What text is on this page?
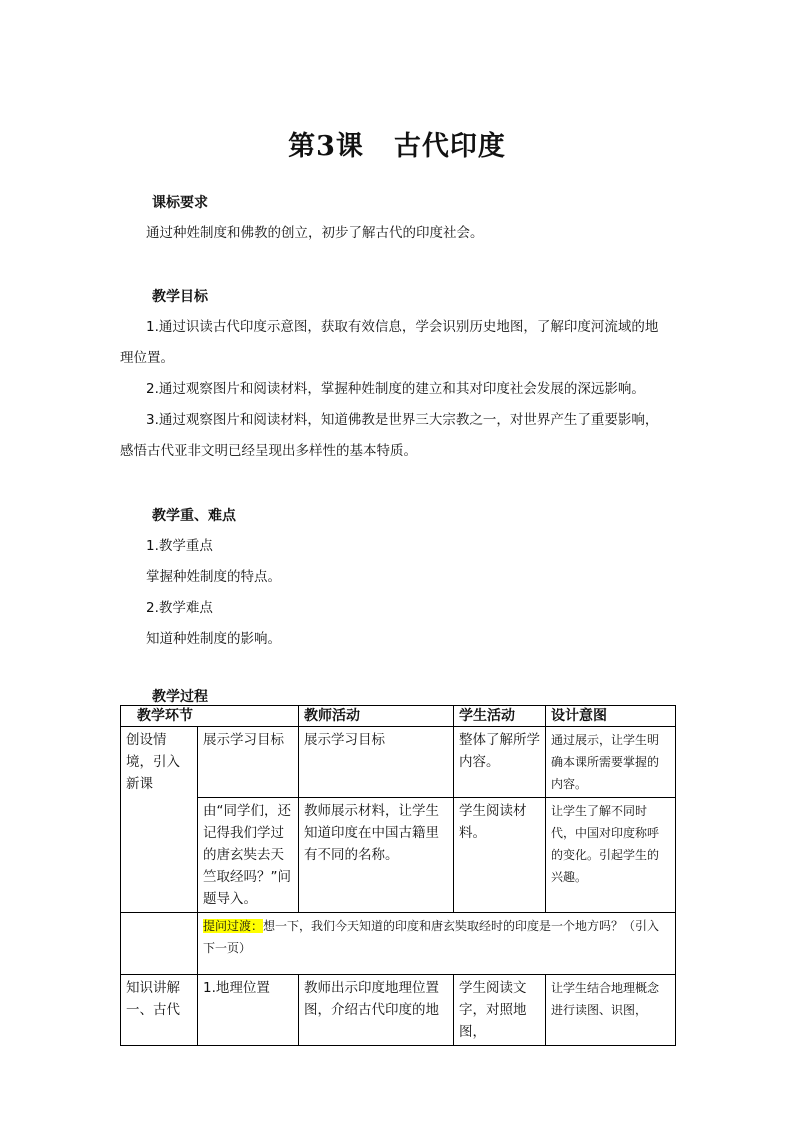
第3课 古代印度
课标要求
通过种姓制度和佛教的创立，初步了解古代的印度社会。
教学目标
1.通过识读古代印度示意图，获取有效信息，学会识别历史地图，了解印度河流域的地
理位置。
2.通过观察图片和阅读材料，掌握种姓制度的建立和其对印度社会发展的深远影响。
3.通过观察图片和阅读材料，知道佛教是世界三大宗教之一，对世界产生了重要影响，
感悟古代亚非文明已经呈现出多样性的基本特质。
教学重、难点
1.教学重点
掌握种姓制度的特点。
2.教学难点
知道种姓制度的影响。
教学过程
教学环节		教师活动	学生活动	设计意图
创设情境，引入新课	展示学习目标	展示学习目标	整体了解所学内容。	通过展示，让学生明确本课所需要掌握的内容。
	由“同学们，还记得我们学过的唐玄奘去天竺取经吗？”问题导入。	教师展示材料，让学生知道印度在中国古籍里有不同的名称。	学生阅读材料。	让学生了解不同时代，中国对印度称呼的变化。引起学生的兴趣。
	提问过渡：想一下，我们今天知道的印度和唐玄奘取经时的印度是一个地方吗？（引入下一页）			
知识讲解一、古代	1.地理位置	教师出示印度地理位置图，介绍古代印度的地	学生阅读文字，对照地图，	让学生结合地理概念进行读图、识图，
